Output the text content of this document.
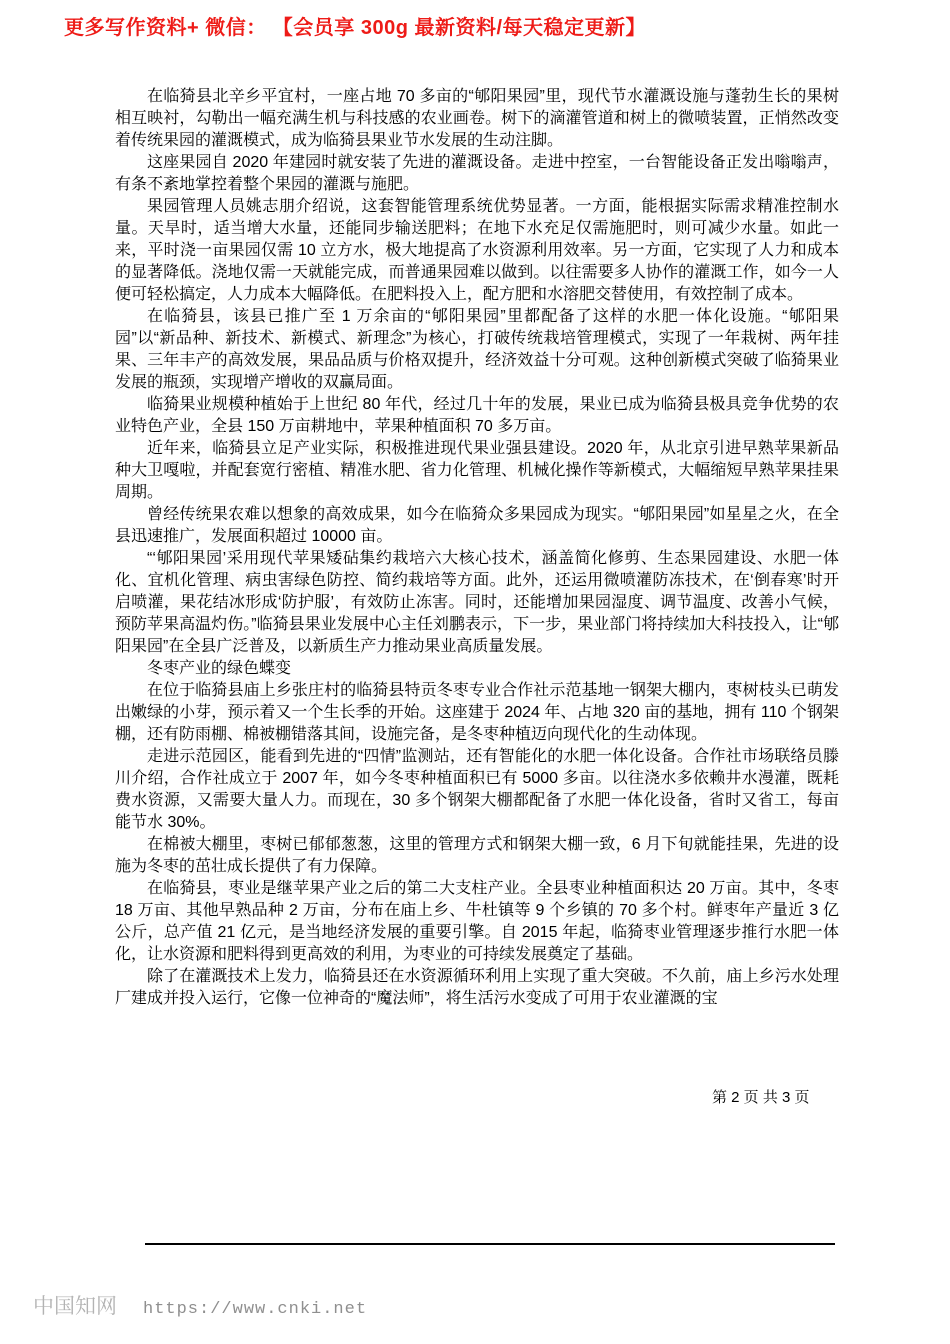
更多写作资料+ 微信： 【会员享 300g 最新资料/每天稳定更新】

在临猗县北辛乡平宜村，一座占地 70 多亩的“郇阳果园”里，现代节水灌溉设施与蓬勃生长的果树相互映衬，勾勒出一幅充满生机与科技感的农业画卷。树下的滴灌管道和树上的微喷装置，正悄然改变着传统果园的灌溉模式，成为临猗县果业节水发展的生动注脚。

这座果园自 2020 年建园时就安装了先进的灌溉设备。走进中控室，一台智能设备正发出嗡嗡声，有条不紊地掌控着整个果园的灌溉与施肥。

果园管理人员姚志朋介绍说，这套智能管理系统优势显著。一方面，能根据实际需求精准控制水量。天旱时，适当增大水量，还能同步输送肥料；在地下水充足仅需施肥时，则可减少水量。如此一来，平时浇一亩果园仅需 10 立方水，极大地提高了水资源利用效率。另一方面，它实现了人力和成本的显著降低。浇地仅需一天就能完成，而普通果园难以做到。以往需要多人协作的灌溉工作，如今一人便可轻松搞定，人力成本大幅降低。在肥料投入上，配方肥和水溶肥交替使用，有效控制了成本。

在临猗县，该县已推广至 1 万余亩的“郇阳果园”里都配备了这样的水肥一体化设施。“郇阳果园”以“新品种、新技术、新模式、新理念”为核心，打破传统栽培管理模式，实现了一年栽树、两年挂果、三年丰产的高效发展，果品品质与价格双提升，经济效益十分可观。这种创新模式突破了临猗果业发展的瓶颈，实现增产增收的双赢局面。

临猗果业规模种植始于上世纪 80 年代，经过几十年的发展，果业已成为临猗县极具竞争优势的农业特色产业，全县 150 万亩耕地中，苹果种植面积 70 多万亩。

近年来，临猗县立足产业实际，积极推进现代果业强县建设。2020 年，从北京引进早熟苹果新品种大卫嘎啦，并配套宽行密植、精准水肥、省力化管理、机械化操作等新模式，大幅缩短早熟苹果挂果周期。

曾经传统果农难以想象的高效成果，如今在临猗众多果园成为现实。“郇阳果园”如星星之火，在全县迅速推广，发展面积超过 10000 亩。

“‘郇阳果园’采用现代苹果矮砧集约栽培六大核心技术，涵盖简化修剪、生态果园建设、水肥一体化、宜机化管理、病虫害绿色防控、简约栽培等方面。此外，还运用微喷灌防冻技术，在‘倒春寒’时开启喷灌，果花结冰形成‘防护服’，有效防止冻害。同时，还能增加果园湿度、调节温度、改善小气候，预防苹果高温灼伤。”临猗县果业发展中心主任刘鹏表示，下一步，果业部门将持续加大科技投入，让“郇阳果园”在全县广泛普及，以新质生产力推动果业高质量发展。

冬枣产业的绿色蝶变

在位于临猗县庙上乡张庄村的临猗县特贡冬枣专业合作社示范基地一钢架大棚内，枣树枝头已萌发出嫩绿的小芽，预示着又一个生长季的开始。这座建于 2024 年、占地 320 亩的基地，拥有 110 个钢架棚，还有防雨棚、棉被棚错落其间，设施完备，是冬枣种植迈向现代化的生动体现。

走进示范园区，能看到先进的“四情”监测站，还有智能化的水肥一体化设备。合作社市场联络员滕川介绍，合作社成立于 2007 年，如今冬枣种植面积已有 5000 多亩。以往浇水多依赖井水漫灌，既耗费水资源，又需要大量人力。而现在，30 多个钢架大棚都配备了水肥一体化设备，省时又省工，每亩能节水 30%。

在棉被大棚里，枣树已郁郁葱葱，这里的管理方式和钢架大棚一致，6 月下旬就能挂果，先进的设施为冬枣的茁壮成长提供了有力保障。

在临猗县，枣业是继苹果产业之后的第二大支柱产业。全县枣业种植面积达 20 万亩。其中，冬枣 18 万亩、其他早熟品种 2 万亩，分布在庙上乡、牛杜镇等 9 个乡镇的 70 多个村。鲜枣年产量近 3 亿公斤，总产值 21 亿元，是当地经济发展的重要引擎。自 2015 年起，临猗枣业管理逐步推行水肥一体化，让水资源和肥料得到更高效的利用，为枣业的可持续发展奠定了基础。

除了在灌溉技术上发力，临猗县还在水资源循环利用上实现了重大突破。不久前，庙上乡污水处理厂建成并投入运行，它像一位神奇的“魔法师”，将生活污水变成了可用于农业灌溉的宝

第 2 页 共 3 页
中国知网 https://www.cnki.net
